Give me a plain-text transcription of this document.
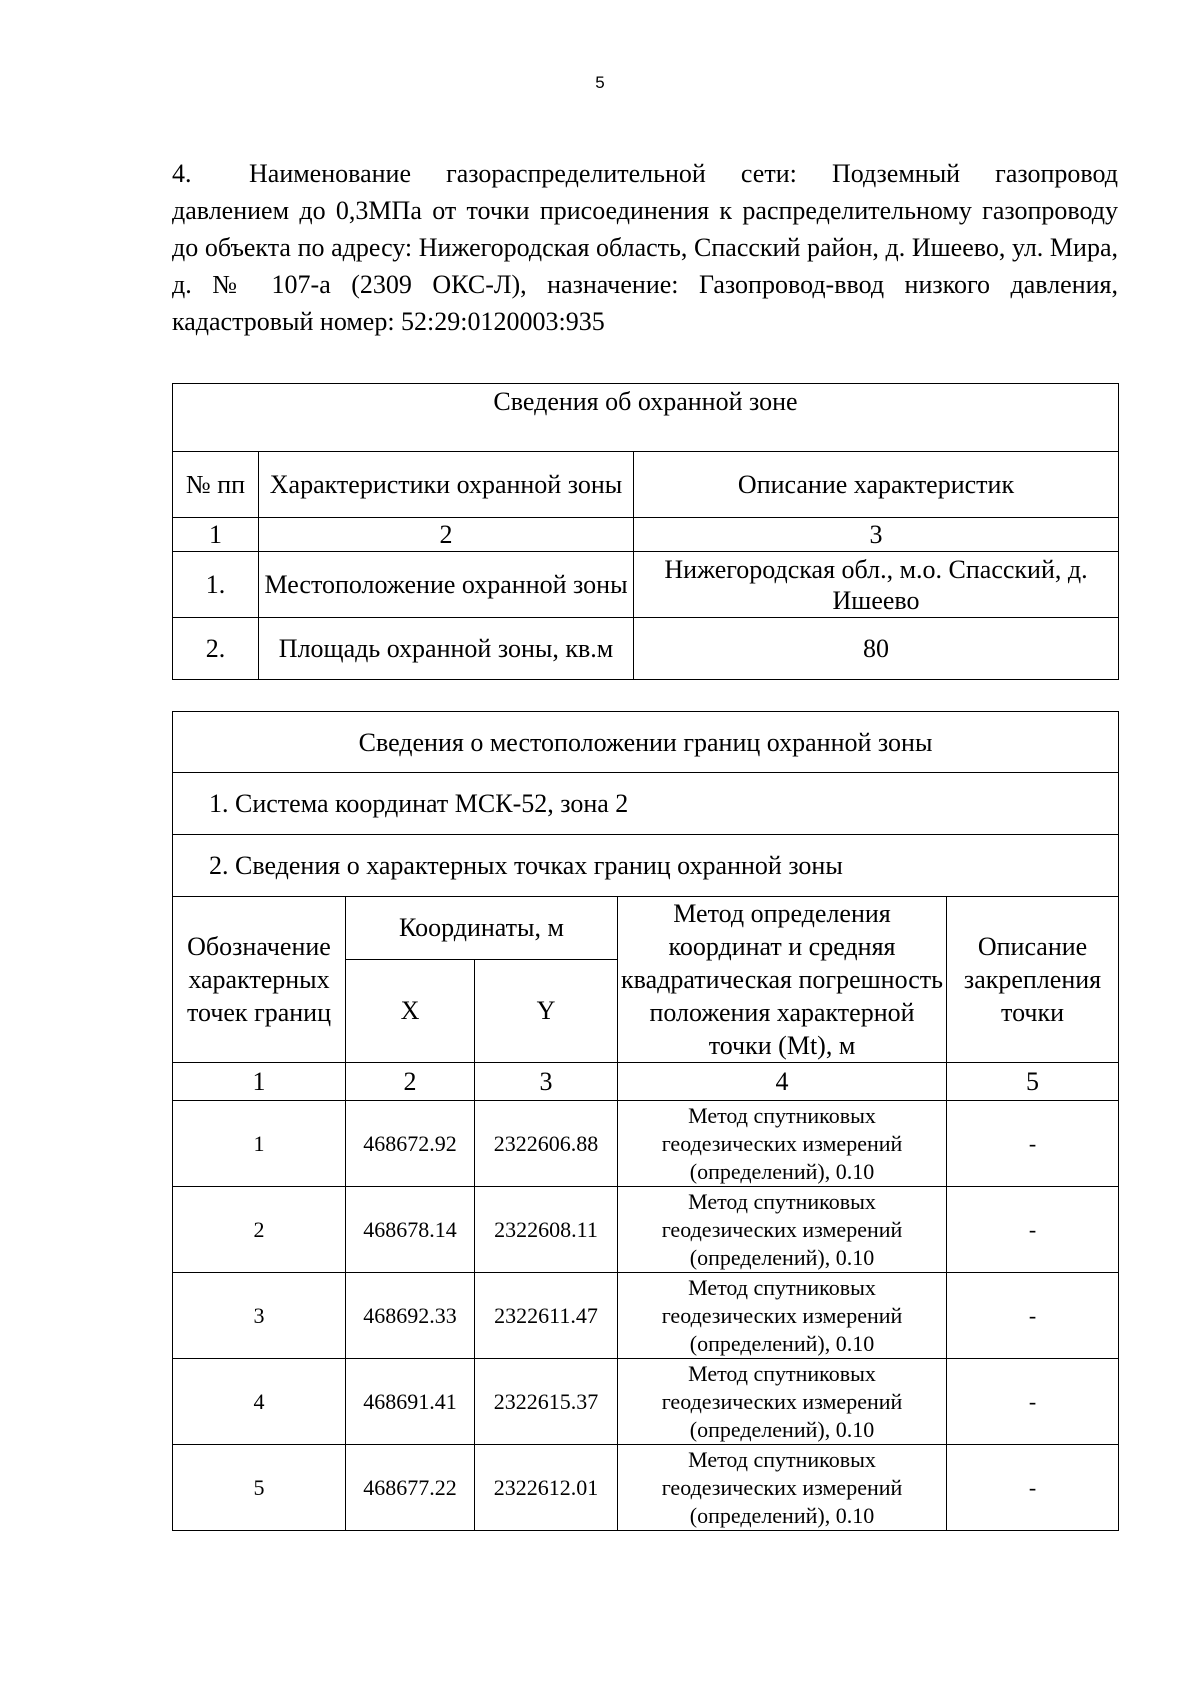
5
4. Наименование газораспределительной сети: Подземный газопровод давлением до 0,3МПа от точки присоединения к распределительному газопроводу до объекта по адресу: Нижегородская область, Спасский район, д. Ишеево, ул. Мира, д. № 107-а (2309 ОКС-Л), назначение: Газопровод-ввод низкого давления, кадастровый номер: 52:29:0120003:935
Сведения об охранной зоне		
№ пп	Характеристики охранной зоны	Описание характеристик
1	2	3
1.	Местоположение охранной зоны	Нижегородская обл., м.о. Спасский, д. Ишеево
2.	Площадь охранной зоны, кв.м	80
Сведения о местоположении границ охранной зоны				
1. Система координат МСК-52, зона 2				
2. Сведения о характерных точках границ охранной зоны				
Обозначение характерных точек границ	Координаты, м		Метод определения координат и средняя квадратическая погрешность положения характерной точки (Mt), м	Описание закрепления точки
	X	Y		
1	2	3	4	5
1	468672.92	2322606.88	Метод спутниковых геодезических измерений (определений), 0.10	-
2	468678.14	2322608.11	Метод спутниковых геодезических измерений (определений), 0.10	-
3	468692.33	2322611.47	Метод спутниковых геодезических измерений (определений), 0.10	-
4	468691.41	2322615.37	Метод спутниковых геодезических измерений (определений), 0.10	-
5	468677.22	2322612.01	Метод спутниковых геодезических измерений (определений), 0.10	-
